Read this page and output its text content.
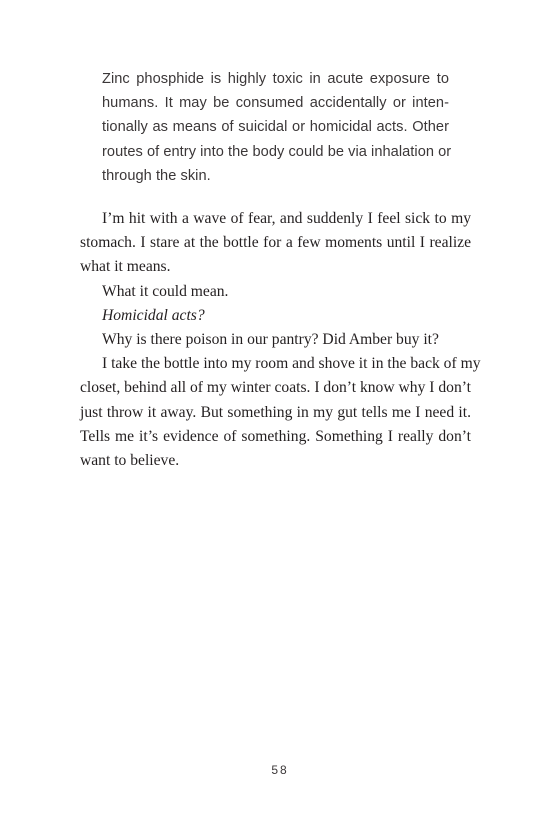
Zinc phosphide is highly toxic in acute exposure to
humans. It may be consumed accidentally or inten-
tionally as means of suicidal or homicidal acts. Other
routes of entry into the body could be via inhalation or
through the skin.
I’m hit with a wave of fear, and suddenly I feel sick to my
stomach. I stare at the bottle for a few moments until I realize
what it means.
What it could mean.
Homicidal acts?
Why is there poison in our pantry? Did Amber buy it?
I take the bottle into my room and shove it in the back of my
closet, behind all of my winter coats. I don’t know why I don’t
just throw it away. But something in my gut tells me I need it.
Tells me it’s evidence of something. Something I really don’t
want to believe.
58
